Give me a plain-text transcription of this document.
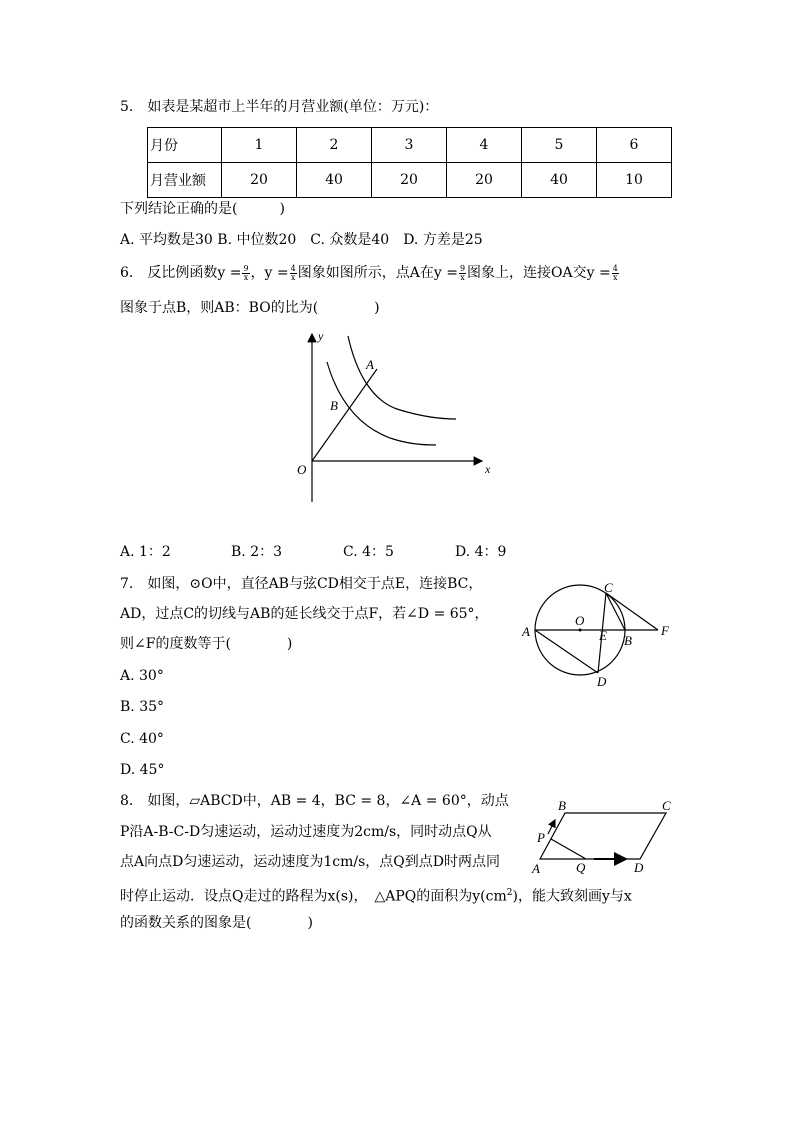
5.　如表是某超市上半年的月营业额(单位：万元)：
月份	1	2	3	4	5	6
月营业额	20	40	20	20	40	10
下列结论正确的是(　　　)
A. 平均数是30 B. 中位数20　C. 众数是40　D. 方差是25
6.　反比例函数$y = \frac{9}{x}$ ，$y = \frac{4}{x}$ 图象如图所示，点A在$y = \frac{9}{x}$ 图象上，连接OA交$y = \frac{4}{x}$
图象于点B，则AB：BO的比为(　　　　)
y
x
O
A
B
A. 1：2	B. 2：3	C. 4：5	D. 4：9
7.　如图，⊙O中，直径AB与弦CD相交于点E，连接BC，
AD，过点C的切线与AB的延长线交于点F，若∠D = 65°，
则∠F的度数等于(　　　　)
A
O
E B
C
D
F
A. 30°
B. 35°
C. 40°
D. 45°
8.　如图，▱ABCD中，AB = 4，BC = 8，∠A = 60°，动点
P沿A-B-C-D匀速运动，运动过速度为2cm/s，同时动点Q从
点A向点D匀速运动，运动速度为1cm/s，点Q到点D时两点同
时停止运动．设点Q走过的路程为x(s)，　△APQ的面积为$y(cm^2)$，能大致刻画y与x
的函数关系的图象是(　　　　)
A
B	C
D
P
Q
